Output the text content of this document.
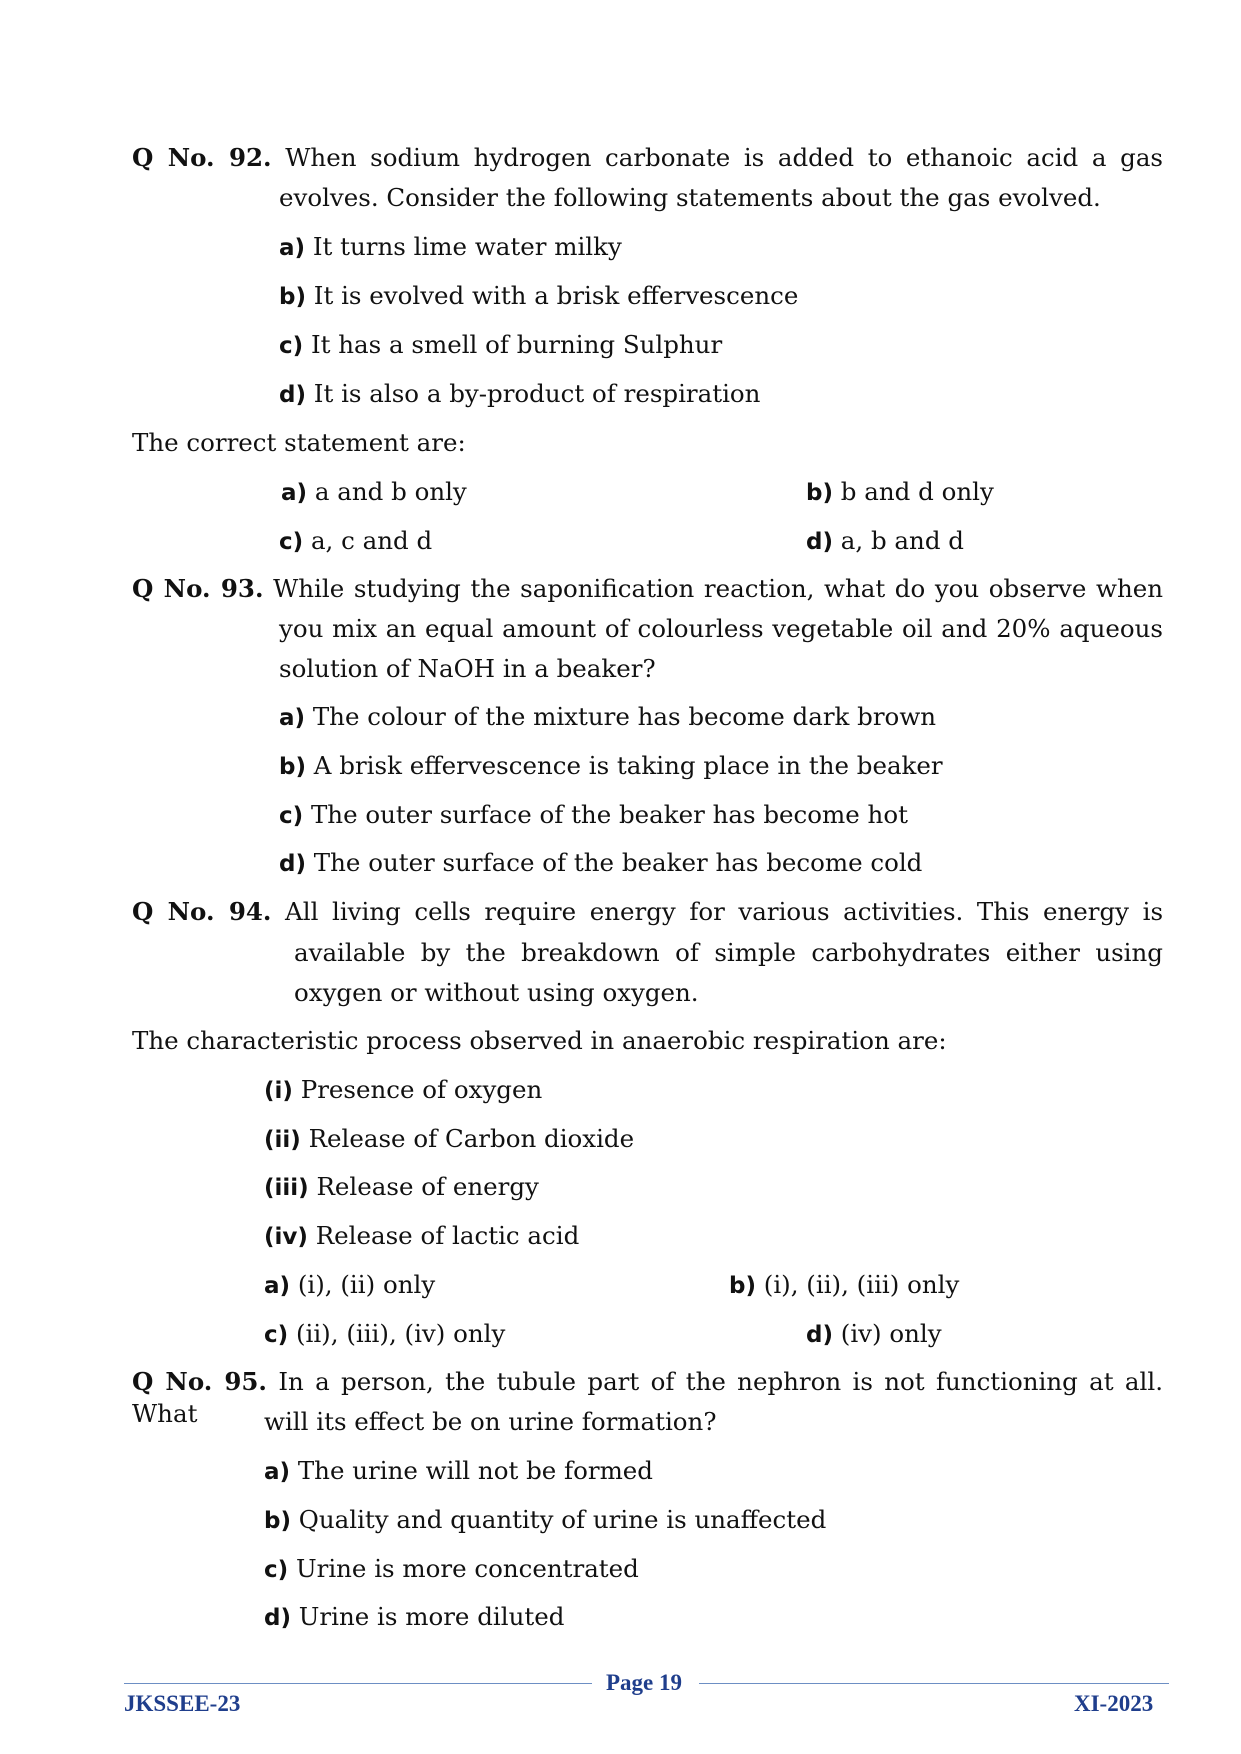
Q No. 92. When sodium hydrogen carbonate is added to ethanoic acid a gas
evolves. Consider the following statements about the gas evolved.
a) It turns lime water milky
b) It is evolved with a brisk effervescence
c) It has a smell of burning Sulphur
d) It is also a by-product of respiration
The correct statement are:
a) a and b only	b) b and d only
c) a, c and d	d) a, b and d
Q No. 93. While studying the saponification reaction, what do you observe when
you mix an equal amount of colourless vegetable oil and 20% aqueous
solution of NaOH in a beaker?
a) The colour of the mixture has become dark brown
b) A brisk effervescence is taking place in the beaker
c) The outer surface of the beaker has become hot
d) The outer surface of the beaker has become cold
Q No. 94. All living cells require energy for various activities. This energy is
available by the breakdown of simple carbohydrates either using
oxygen or without using oxygen.
The characteristic process observed in anaerobic respiration are:
(i) Presence of oxygen
(ii) Release of Carbon dioxide
(iii) Release of energy
(iv) Release of lactic acid
a) (i), (ii) only	b) (i), (ii), (iii) only
c) (ii), (iii), (iv) only	d) (iv) only
Q No. 95. In a person, the tubule part of the nephron is not functioning at all. What	will its effect be on urine formation?
a) The urine will not be formed
b) Quality and quantity of urine is unaffected
c) Urine is more concentrated
d) Urine is more diluted
JKSSEE-23
Page 19
XI-2023
